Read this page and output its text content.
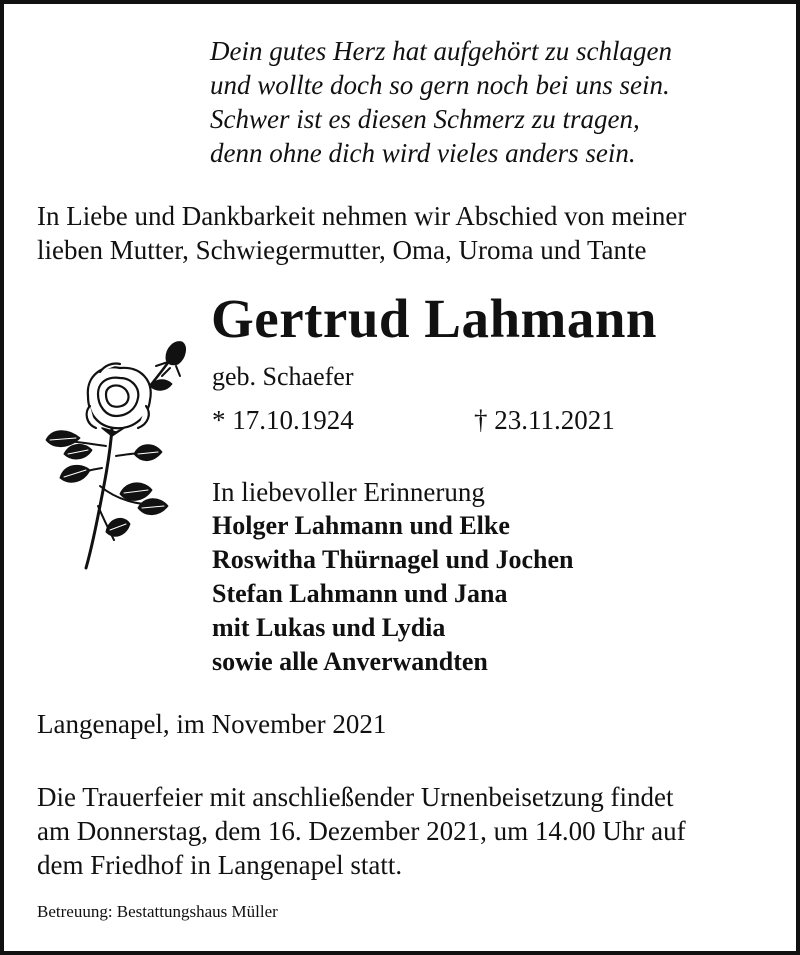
Dein gutes Herz hat aufgehört zu schlagen
und wollte doch so gern noch bei uns sein.
Schwer ist es diesen Schmerz zu tragen,
denn ohne dich wird vieles anders sein.
In Liebe und Dankbarkeit nehmen wir Abschied von meiner
lieben Mutter, Schwiegermutter, Oma, Uroma und Tante
Gertrud Lahmann
geb. Schaefer
* 17.10.1924	† 23.11.2021
In liebevoller Erinnerung
Holger Lahmann und Elke
Roswitha Thürnagel und Jochen
Stefan Lahmann und Jana
mit Lukas und Lydia
sowie alle Anverwandten
Langenapel, im November 2021
Die Trauerfeier mit anschließender Urnenbeisetzung findet
am Donnerstag, dem 16. Dezember 2021, um 14.00 Uhr auf
dem Friedhof in Langenapel statt.
Betreuung: Bestattungshaus Müller
